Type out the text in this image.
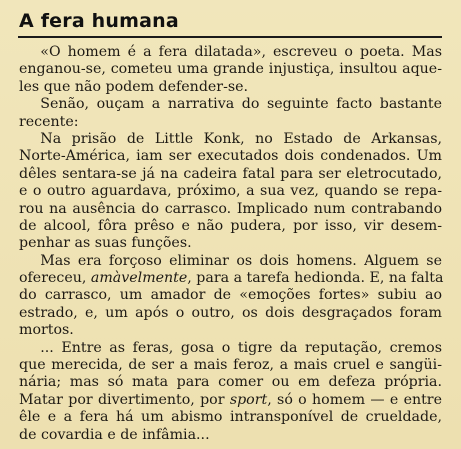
A fera humana
  «O homem é a fera dilatada», escreveu o poeta. Mas
enganou-se, cometeu uma grande injustiça, insultou aque-
les que não podem defender-se.
  Senão, ouçam a narrativa do seguinte facto bastante
recente:
  Na prisão de Little Konk, no Estado de Arkansas,
Norte-América, iam ser executados dois condenados. Um
dêles sentara-se já na cadeira fatal para ser eletrocutado,
e o outro aguardava, próximo, a sua vez, quando se repa-
rou na ausência do carrasco. Implicado num contrabando
de alcool, fôra prêso e não pudera, por isso, vir desem-
penhar as suas funções.
  Mas era forçoso eliminar os dois homens. Alguem se
ofereceu, amàvelmente, para a tarefa hedionda. E, na falta
do carrasco, um amador de «emoções fortes» subiu ao
estrado, e, um após o outro, os dois desgraçados foram
mortos.
  ... Entre as feras, gosa o tigre da reputação, cremos
que merecida, de ser a mais feroz, a mais cruel e sangüi-
nária; mas só mata para comer ou em defeza própria.
Matar por divertimento, por sport, só o homem — e entre
êle e a fera há um abismo intransponível de crueldade,
de covardia e de infâmia...
